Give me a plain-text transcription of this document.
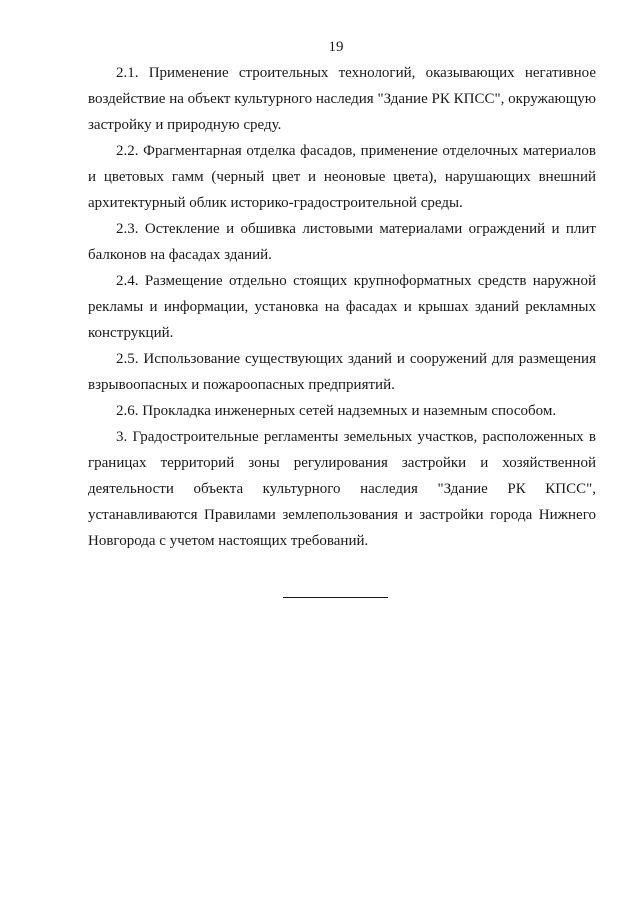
19

2.1. Применение строительных технологий, оказывающих негативное воздействие на объект культурного наследия "Здание РК КПСС", окружающую застройку и природную среду.

2.2. Фрагментарная отделка фасадов, применение отделочных материалов и цветовых гамм (черный цвет и неоновые цвета), нарушающих внешний архитектурный облик историко-градостроительной среды.

2.3. Остекление и обшивка листовыми материалами ограждений и плит балконов на фасадах зданий.

2.4. Размещение отдельно стоящих крупноформатных средств наружной рекламы и информации, установка на фасадах и крышах зданий рекламных конструкций.

2.5. Использование существующих зданий и сооружений для размещения взрывоопасных и пожароопасных предприятий.

2.6. Прокладка инженерных сетей надземных и наземным способом.

3. Градостроительные регламенты земельных участков, расположенных в границах территорий зоны регулирования застройки и хозяйственной деятельности объекта культурного наследия "Здание РК КПСС", устанавливаются Правилами землепользования и застройки города Нижнего Новгорода с учетом настоящих требований.
